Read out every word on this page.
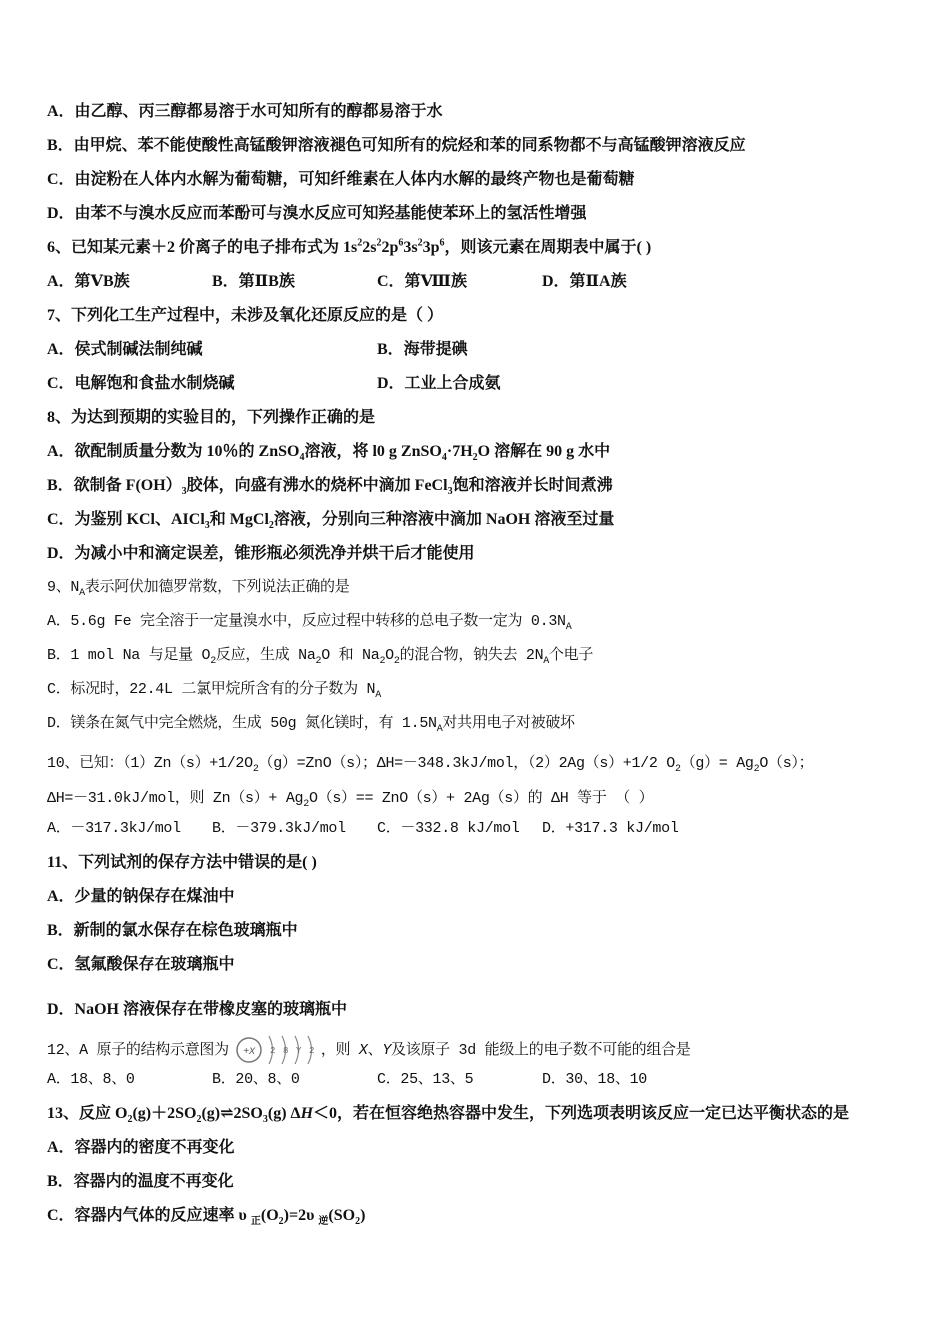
A．由乙醇、丙三醇都易溶于水可知所有的醇都易溶于水
B．由甲烷、苯不能使酸性高锰酸钾溶液褪色可知所有的烷烃和苯的同系物都不与高锰酸钾溶液反应
C．由淀粉在人体内水解为葡萄糖，可知纤维素在人体内水解的最终产物也是葡萄糖
D．由苯不与溴水反应而苯酚可与溴水反应可知羟基能使苯环上的氢活性增强
6、已知某元素＋2 价离子的电子排布式为 $1s^22s^22p^63s^23p^6$，则该元素在周期表中属于( )
A．第ⅤB族	B．第ⅡB族	C．第Ⅷ族	D．第ⅡA族
7、下列化工生产过程中，未涉及氧化还原反应的是（ ）
A．侯式制碱法制纯碱	B．海带提碘
C．电解饱和食盐水制烧碱	D．工业上合成氨
8、为达到预期的实验目的，下列操作正确的是
A．欲配制质量分数为 10％的 ZnSO$_4$溶液，将 l0 g $ZnSO_4\cdot 7H_2O$ 溶解在 90 g 水中
B．欲制备 $F(OH)_3$胶体，向盛有沸水的烧杯中滴加 FeCl$_3$饱和溶液并长时间煮沸
C．为鉴别 KCl、AICl$_3$和 MgCl$_2$溶液，分别向三种溶液中滴加 NaOH 溶液至过量
D．为减小中和滴定误差，锥形瓶必须洗净并烘干后才能使用
9、$N_A$表示阿伏加德罗常数，下列说法正确的是
A．5.6g Fe 完全溶于一定量溴水中，反应过程中转移的总电子数一定为 $0.3N_A$
B．1 mol Na 与足量 $O_2$反应，生成 $Na_2O$ 和 $Na_2O_2$的混合物，钠失去 $2N_A$个电子
C．标况时，22.4L 二氯甲烷所含有的分子数为 $N_A$
D．镁条在氮气中完全燃烧，生成 50g 氮化镁时，有 $1.5N_A$对共用电子对被破坏
10、已知：$(1)Zn(s)+1/2O_2(g)=ZnO(s)$；ΔH=－348.3kJ/mol，（2）2Ag（s）+1/2 $O_2(g)= Ag_2O(s)$；
ΔH=－31.0kJ/mol，则 $Zn(s)+ Ag_2O(s)== ZnO(s)+ 2Ag(s)$的 ΔH 等于 （ ）
A．－317.3kJ/mol B．－379.3kJ/mol C．－332.8 kJ/mol D．+317.3 kJ/mol
11、下列试剂的保存方法中错误的是( )
A．少量的钠保存在煤油中
B．新制的氯水保存在棕色玻璃瓶中
C．氢氟酸保存在玻璃瓶中
D．NaOH 溶液保存在带橡皮塞的玻璃瓶中
12、A 原子的结构示意图为 +X 2 8 Y 2 ，则 X、Y及该原子 3d 能级上的电子数不可能的组合是
A．18、8、0	B．20、8、0	C．25、13、5	D．30、18、10
13、反应 $O_2(g)+2SO_2(g)\rightleftharpoons 2SO_3(g)$ ΔH＜0，若在恒容绝热容器中发生，下列选项表明该反应一定已达平衡状态的是
A．容器内的密度不再变化
B．容器内的温度不再变化
C．容器内气体的反应速率 υ $_正(O_2)=2\upsilon$ $_逆(SO_2)$
